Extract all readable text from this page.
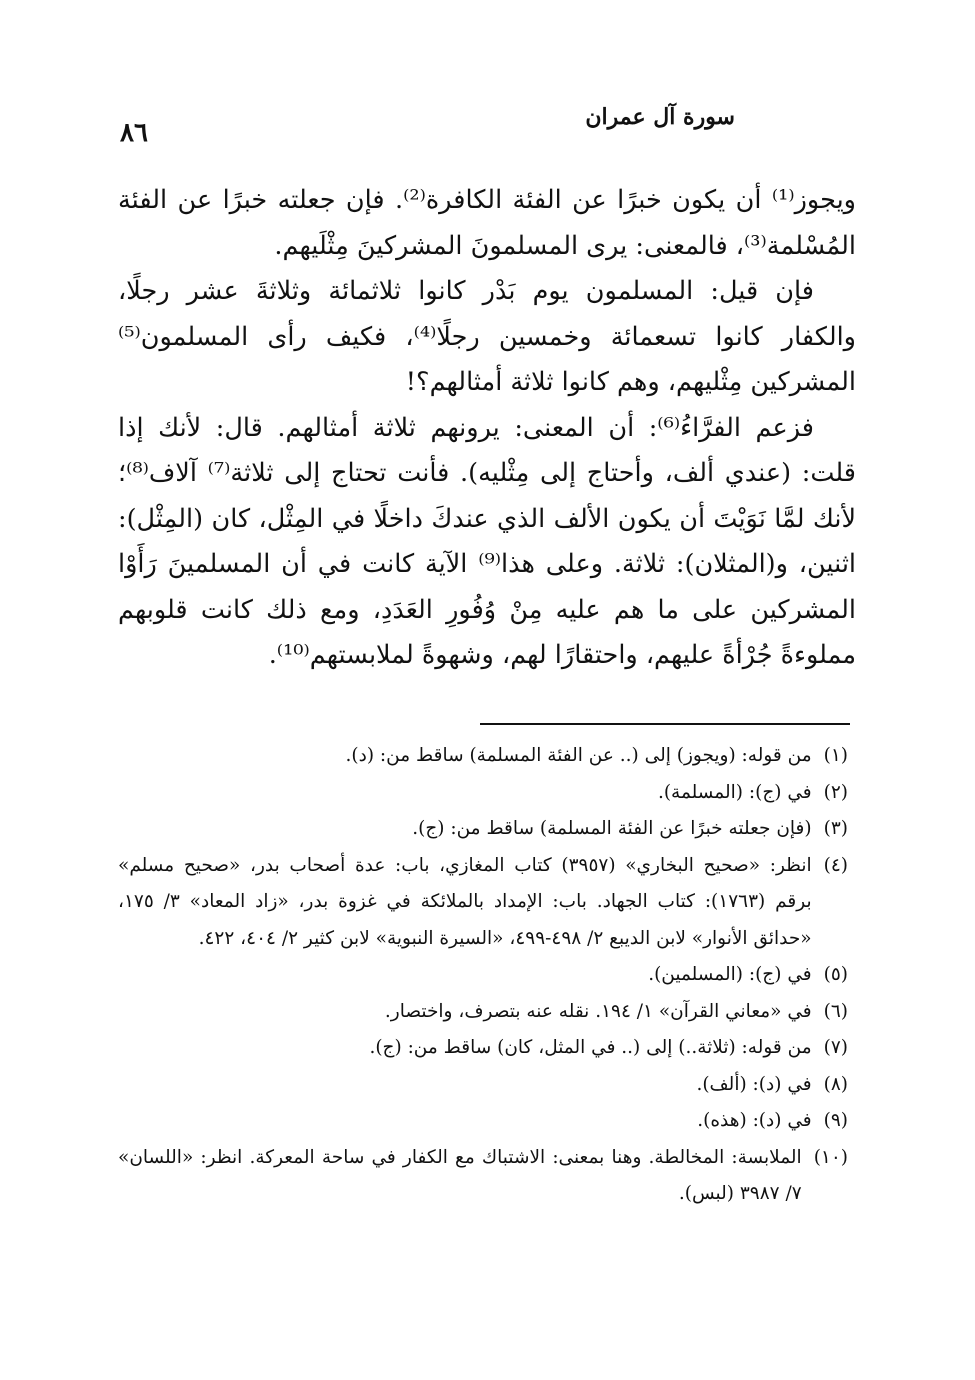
سورة آل عمران
٨٦

ويجوز⁽¹⁾ أن يكون خبرًا عن الفئة الكافرة⁽²⁾. فإن جعلته خبرًا عن الفئة المُسْلمة⁽³⁾، فالمعنى: يرى المسلمونَ المشركينَ مِثْلَيهم.

فإن قيل: المسلمون يوم بَدْر كانوا ثلاثمائة وثلاثةَ عشر رجلًا، والكفار كانوا تسعمائة وخمسين رجلًا⁽⁴⁾، فكيف رأى المسلمون⁽⁵⁾ المشركين مِثْليهم، وهم كانوا ثلاثة أمثالهم؟!

فزعم الفرَّاءُ⁽⁶⁾: أن المعنى: يرونهم ثلاثة أمثالهم. قال: لأنك إذا قلت: (عندي ألف، وأحتاج إلى مِثْليه). فأنت تحتاج إلى ثلاثة⁽⁷⁾ آلاف⁽⁸⁾؛ لأنك لمَّا نَوَيْتَ أن يكون الألف الذي عندكَ داخلًا في المِثْل، كان (المِثْل): اثنين، و(المثلان): ثلاثة. وعلى هذا⁽⁹⁾ الآية كانت في أن المسلمينَ رَأَوْا المشركين على ما هم عليه مِنْ وُفُورِ العَدَدِ، ومع ذلك كانت قلوبهم مملوءةً جُرْأةً عليهم، واحتقارًا لهم، وشهوةً لملابستهم⁽¹⁰⁾.

(١)
من قوله: (ويجوز) إلى (.. عن الفئة المسلمة) ساقط من: (د).
(٢)
في (ج): (المسلمة).
(٣)
(فإن جعلته خبرًا عن الفئة المسلمة) ساقط من: (ج).
(٤)
انظر: «صحيح البخاري» (٣٩٥٧) كتاب المغازي، باب: عدة أصحاب بدر، «صحيح مسلم» برقم (١٧٦٣): كتاب الجهاد. باب: الإمداد بالملائكة في غزوة بدر، «زاد المعاد» ٣/ ١٧٥، «حدائق الأنوار» لابن الديبع ٢/ ٤٩٨-٤٩٩، «السيرة النبوية» لابن كثير ٢/ ٤٠٤، ٤٢٢.
(٥)
في (ج): (المسلمين).
(٦)
في «معاني القرآن» ١/ ١٩٤. نقله عنه بتصرف، واختصار.
(٧)
من قوله: (ثلاثة..) إلى (.. في المثل، كان) ساقط من: (ج).
(٨)
في (د): (ألف).
(٩)
في (د): (هذه).
(١٠)
الملابسة: المخالطة. وهنا بمعنى: الاشتباك مع الكفار في ساحة المعركة. انظر: «اللسان» ٧/ ٣٩٨٧ (لبس).
